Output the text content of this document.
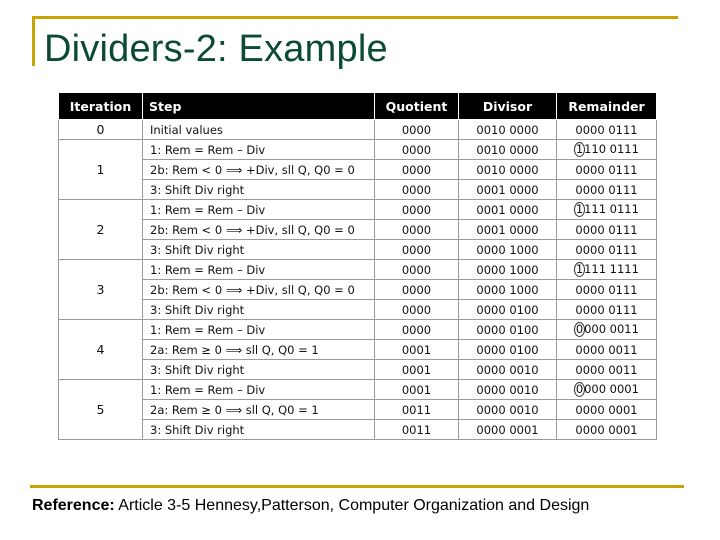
Dividers-2: Example
Iteration	Step	Quotient	Divisor	Remainder
0	Initial values	0000	0010 0000	0000 0111
1	1: Rem = Rem – Div	0000	0010 0000	1110 0111
	2b: Rem < 0 ⟹ +Div, sll Q, Q0 = 0	0000	0010 0000	0000 0111
	3: Shift Div right	0000	0001 0000	0000 0111
2	1: Rem = Rem – Div	0000	0001 0000	1111 0111
	2b: Rem < 0 ⟹ +Div, sll Q, Q0 = 0	0000	0001 0000	0000 0111
	3: Shift Div right	0000	0000 1000	0000 0111
3	1: Rem = Rem – Div	0000	0000 1000	1111 1111
	2b: Rem < 0 ⟹ +Div, sll Q, Q0 = 0	0000	0000 1000	0000 0111
	3: Shift Div right	0000	0000 0100	0000 0111
4	1: Rem = Rem – Div	0000	0000 0100	0000 0011
	2a: Rem ≥ 0 ⟹ sll Q, Q0 = 1	0001	0000 0100	0000 0011
	3: Shift Div right	0001	0000 0010	0000 0011
5	1: Rem = Rem – Div	0001	0000 0010	0000 0001
	2a: Rem ≥ 0 ⟹ sll Q, Q0 = 1	0011	0000 0010	0000 0001
	3: Shift Div right	0011	0000 0001	0000 0001
Reference: Article 3-5 Hennesy,Patterson, Computer Organization and Design
